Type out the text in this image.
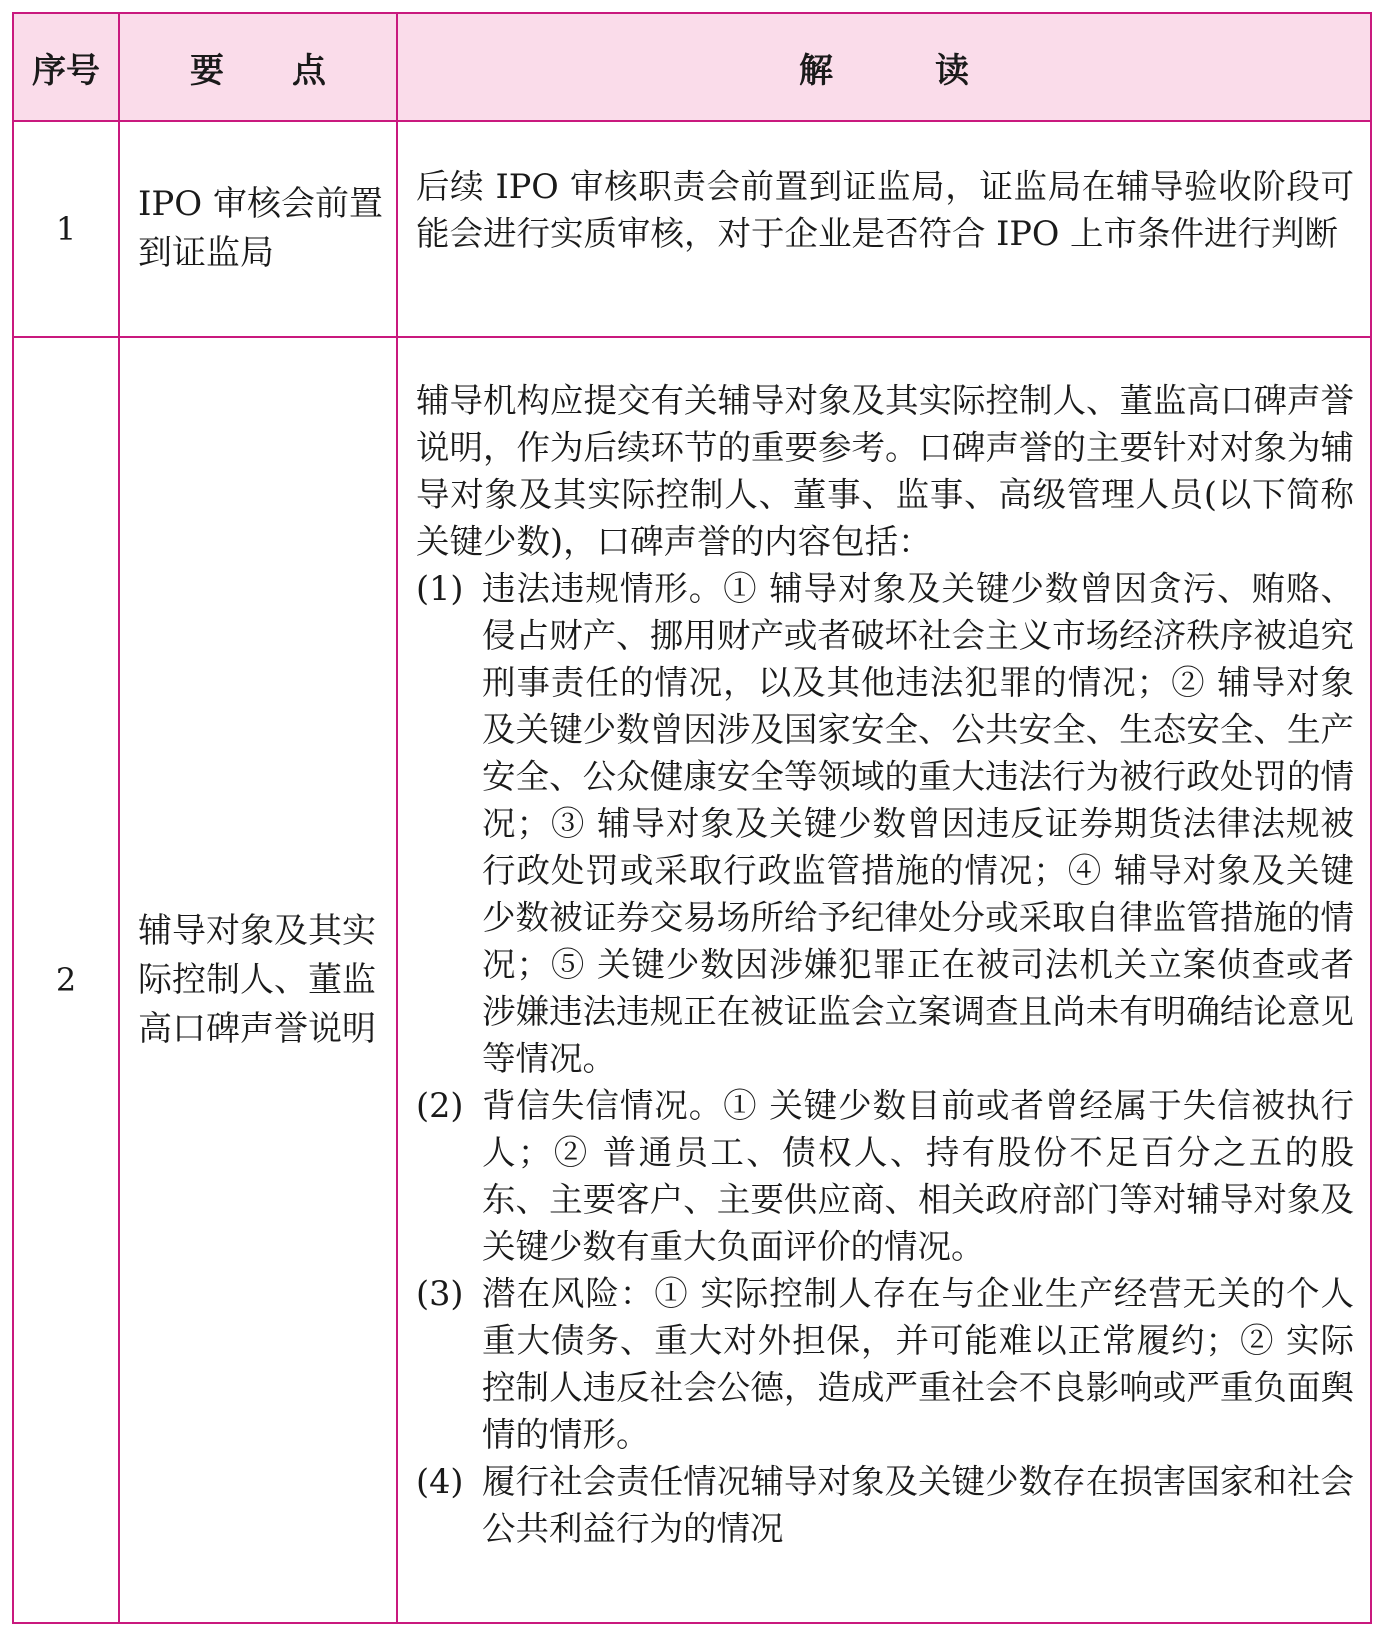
序号	要　　点	解　　　读
1
IPO 审核会前置到证监局
后续 IPO 审核职责会前置到证监局，证监局在辅导验收阶段可能会进行实质审核，对于企业是否符合 IPO 上市条件进行判断
2
辅导对象及其实际控制人、董监高口碑声誉说明
辅导机构应提交有关辅导对象及其实际控制人、董监高口碑声誉说明，作为后续环节的重要参考。口碑声誉的主要针对对象为辅导对象及其实际控制人、董事、监事、高级管理人员(以下简称关键少数)，口碑声誉的内容包括：
(1) 违法违规情形。① 辅导对象及关键少数曾因贪污、贿赂、侵占财产、挪用财产或者破坏社会主义市场经济秩序被追究刑事责任的情况，以及其他违法犯罪的情况；② 辅导对象及关键少数曾因涉及国家安全、公共安全、生态安全、生产安全、公众健康安全等领域的重大违法行为被行政处罚的情况；③ 辅导对象及关键少数曾因违反证券期货法律法规被行政处罚或采取行政监管措施的情况；④ 辅导对象及关键少数被证券交易场所给予纪律处分或采取自律监管措施的情况；⑤ 关键少数因涉嫌犯罪正在被司法机关立案侦查或者涉嫌违法违规正在被证监会立案调查且尚未有明确结论意见等情况。
(2) 背信失信情况。① 关键少数目前或者曾经属于失信被执行人；② 普通员工、债权人、持有股份不足百分之五的股东、主要客户、主要供应商、相关政府部门等对辅导对象及关键少数有重大负面评价的情况。
(3) 潜在风险：① 实际控制人存在与企业生产经营无关的个人重大债务、重大对外担保，并可能难以正常履约；② 实际控制人违反社会公德，造成严重社会不良影响或严重负面舆情的情形。
(4) 履行社会责任情况辅导对象及关键少数存在损害国家和社会公共利益行为的情况
